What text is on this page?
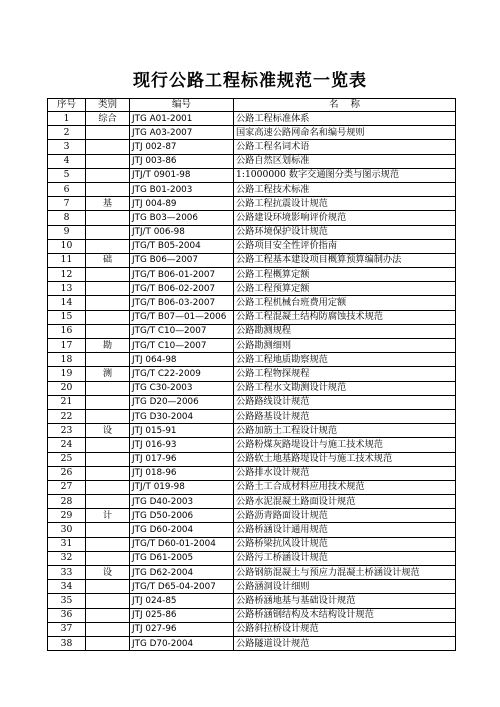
现行公路工程标准规范一览表
序号	类别	编号	名    称
1	综合	JTG A01-2001	公路工程标准体系
2		JTG A03-2007	国家高速公路网命名和编号规则
3		JTJ 002-87	公路工程名词术语
4		JTJ 003-86	公路自然区划标准
5		JTJ/T 0901-98	1:1000000 数字交通图分类与图示规范
6		JTG B01-2003	公路工程技术标准
7	基	JTJ 004-89	公路工程抗震设计规范
8		JTG B03—2006	公路建设环境影响评价规范
9		JTJ/T 006-98	公路环境保护设计规范
10		JTG/T B05-2004	公路项目安全性评价指南
11	础	JTG B06—2007	公路工程基本建设项目概算预算编制办法
12		JTG/T B06-01-2007	公路工程概算定额
13		JTG/T B06-02-2007	公路工程预算定额
14		JTG/T B06-03-2007	公路工程机械台班费用定额
15		JTG/T B07—01—2006	公路工程混凝土结构防腐蚀技术规范
16		JTG/T C10—2007	公路勘测规程
17	勘	JTG/T C10—2007	公路勘测细则
18		JTJ 064-98	公路工程地质勘察规范
19	测	JTG/T C22-2009	公路工程物探规程
20		JTG C30-2003	公路工程水文勘测设计规范
21		JTG D20—2006	公路路线设计规范
22		JTG D30-2004	公路路基设计规范
23	设	JTJ 015-91	公路加筋土工程设计规范
24		JTJ 016-93	公路粉煤灰路堤设计与施工技术规范
25		JTJ 017-96	公路软土地基路堤设计与施工技术规范
26		JTJ 018-96	公路排水设计规范
27		JTJ/T 019-98	公路土工合成材料应用技术规范
28		JTG D40-2003	公路水泥混凝土路面设计规范
29	计	JTG D50-2006	公路沥青路面设计规范
30		JTG D60-2004	公路桥涵设计通用规范
31		JTG/T D60-01-2004	公路桥梁抗风设计规范
32		JTG D61-2005	公路污工桥涵设计规范
33	设	JTG D62-2004	公路钢筋混凝土与预应力混凝土桥涵设计规范
34		JTG/T D65-04-2007	公路涵洞设计细则
35		JTJ 024-85	公路桥涵地基与基础设计规范
36		JTJ 025-86	公路桥涵钢结构及木结构设计规范
37		JTJ 027-96	公路斜拉桥设计规范
38		JTG D70-2004	公路隧道设计规范
